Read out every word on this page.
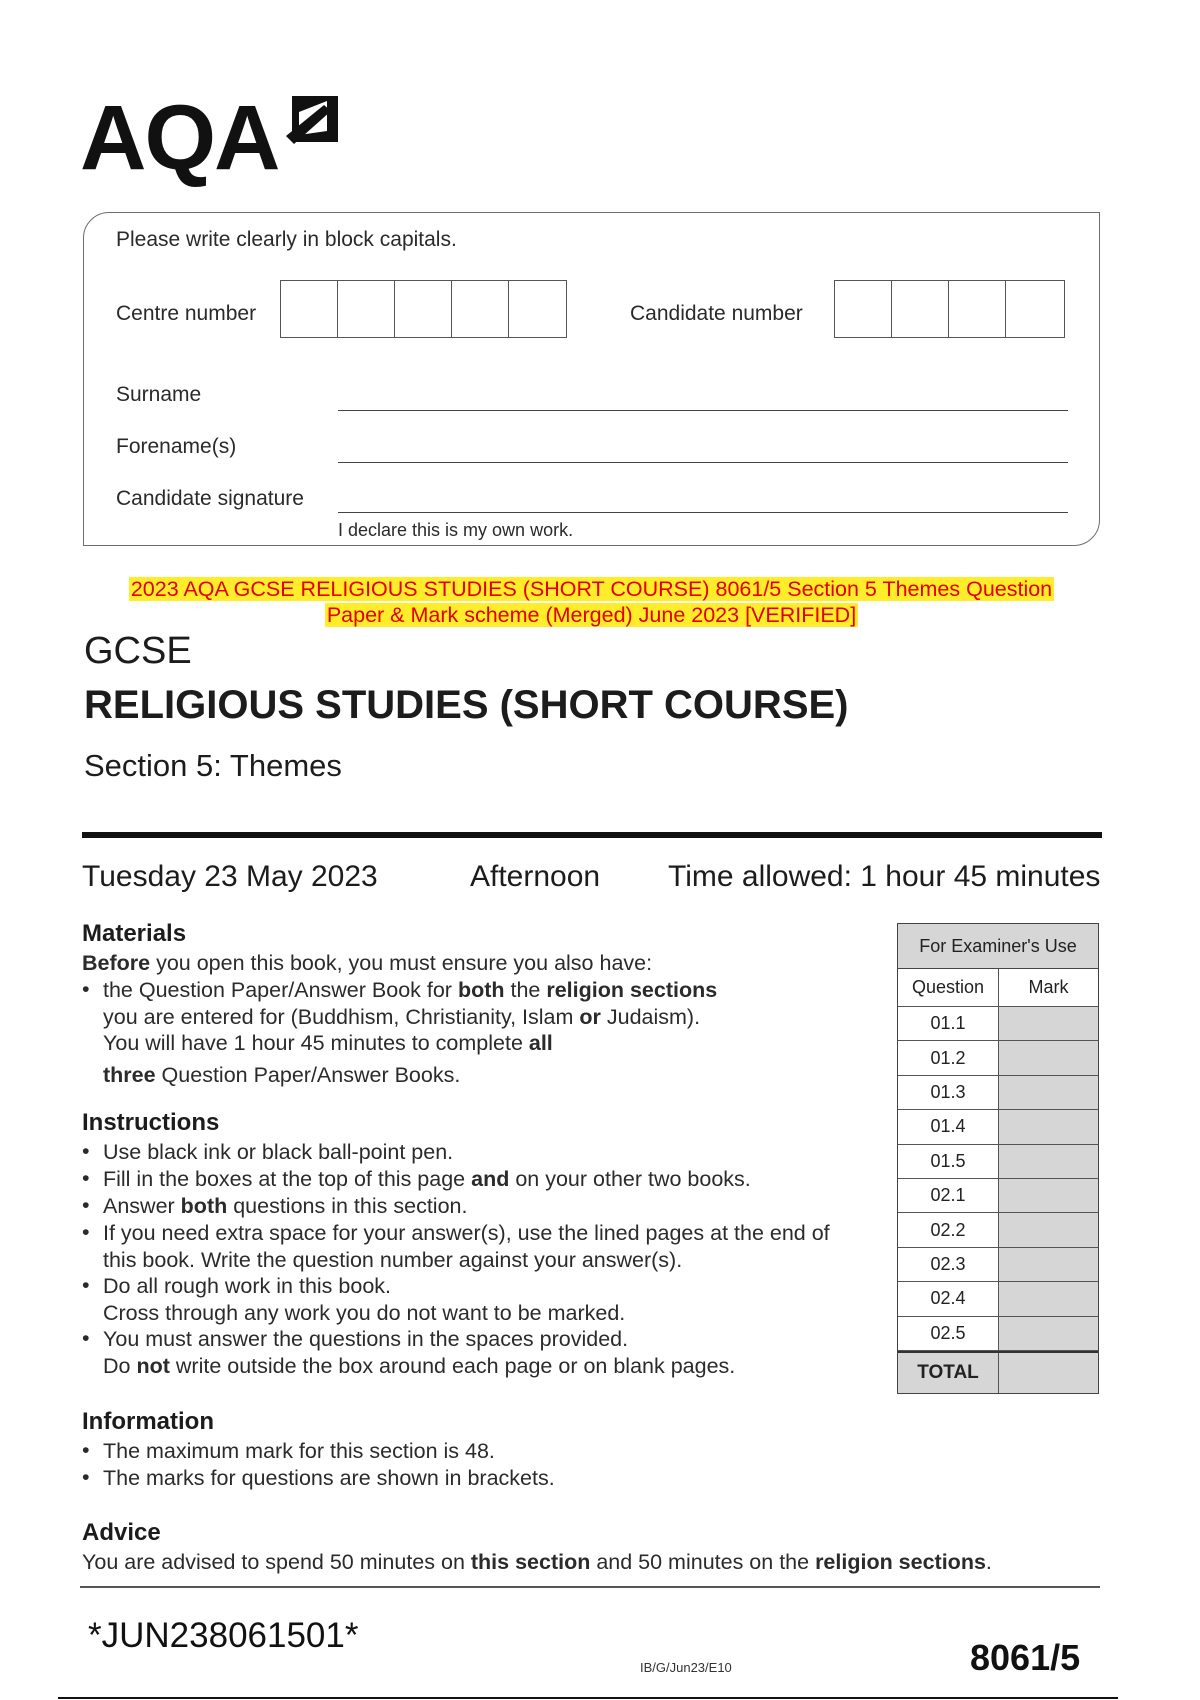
AQA
Please write clearly in block capitals.
Centre number	Candidate number
Surname
Forename(s)
Candidate signature
I declare this is my own work.
2023 AQA GCSE RELIGIOUS STUDIES (SHORT COURSE) 8061/5 Section 5 Themes Question
Paper & Mark scheme (Merged) June 2023 [VERIFIED]
GCSE
RELIGIOUS STUDIES (SHORT COURSE)
Section 5: Themes
Tuesday 23 May 2023	Afternoon Time allowed: 1 hour 45 minutes
Materials
Before you open this book, you must ensure you also have:
• the Question Paper/Answer Book for both the religion sections
you are entered for (Buddhism, Christianity, Islam or Judaism).
You will have 1 hour 45 minutes to complete all
three Question Paper/Answer Books.
Instructions
• Use black ink or black ball-point pen.
• Fill in the boxes at the top of this page and on your other two books.
• Answer both questions in this section.
• If you need extra space for your answer(s), use the lined pages at the end of
this book. Write the question number against your answer(s).
• Do all rough work in this book.
Cross through any work you do not want to be marked.
• You must answer the questions in the spaces provided.
Do not write outside the box around each page or on blank pages.
Information
• The maximum mark for this section is 48.
• The marks for questions are shown in brackets.
Advice
You are advised to spend 50 minutes on this section and 50 minutes on the religion sections.
For Examiner's Use
Question	Mark
01.1
01.2
01.3
01.4
01.5
02.1
02.2
02.3
02.4
02.5
TOTAL
*JUN238061501*
IB/G/Jun23/E10	8061/5
